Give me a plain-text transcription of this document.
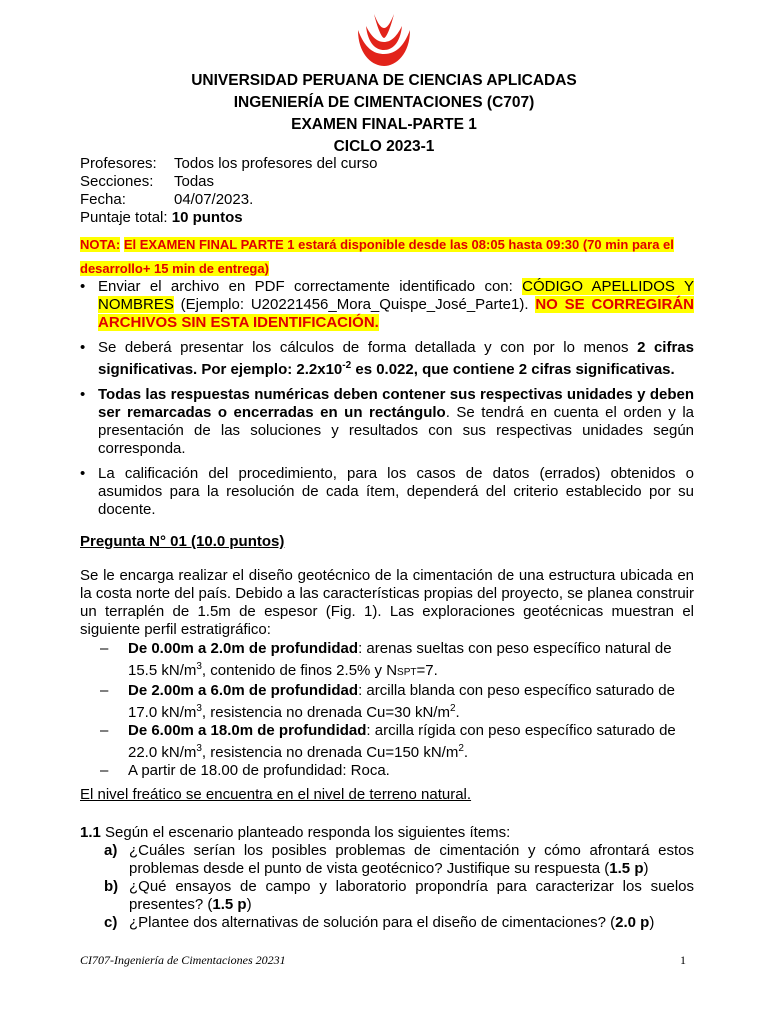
UNIVERSIDAD PERUANA DE CIENCIAS APLICADAS
INGENIERÍA DE CIMENTACIONES (C707)
EXAMEN FINAL-PARTE 1
CICLO 2023-1
Profesores:	Todos los profesores del curso
Secciones:	Todas
Fecha:	04/07/2023.
Puntaje total:
10 puntos
NOTA: El EXAMEN FINAL PARTE 1 estará disponible desde las 08:05 hasta 09:30 (70 min para el desarrollo+ 15 min de entrega)
• Enviar el archivo en PDF correctamente identificado con: CÓDIGO APELLIDOS Y NOMBRES (Ejemplo: U20221456_Mora_Quispe_José_Parte1). NO SE CORREGIRÁN ARCHIVOS SIN ESTA IDENTIFICACIÓN.
• Se deberá presentar los cálculos de forma detallada y con por lo menos 2 cifras significativas. Por ejemplo: $2.2x10^{-2}$ es 0.022, que contiene 2 cifras significativas.
• Todas las respuestas numéricas deben contener sus respectivas unidades y deben ser remarcadas o encerradas en un rectángulo. Se tendrá en cuenta el orden y la presentación de las soluciones y resultados con sus respectivas unidades según corresponda.
• La calificación del procedimiento, para los casos de datos (errados) obtenidos o asumidos para la resolución de cada ítem, dependerá del criterio establecido por su docente.
Pregunta N° 01 (10.0 puntos)
Se le encarga realizar el diseño geotécnico de la cimentación de una estructura ubicada en la costa norte del país. Debido a las características propias del proyecto, se planea construir un terraplén de 1.5m de espesor (Fig. 1). Las exploraciones geotécnicas muestran el siguiente perfil estratigráfico:
–	De 0.00m a 2.0m de profundidad: arenas sueltas con peso específico natural de 15.5 $kN/m^3$, contenido de finos 2.5% y NSPT=7.
–	De 2.00m a 6.0m de profundidad: arcilla blanda con peso específico saturado de 17.0 $kN/m^3$, resistencia no drenada Cu=30 $kN/m^2$.
–	De 6.00m a 18.0m de profundidad: arcilla rígida con peso específico saturado de 22.0 $kN/m^3$, resistencia no drenada Cu=150 $kN/m^2$.
–	A partir de 18.00 de profundidad: Roca.
El nivel freático se encuentra en el nivel de terreno natural.
1.1 Según el escenario planteado responda los siguientes ítems:
a) ¿Cuáles serían los posibles problemas de cimentación y cómo afrontará estos problemas desde el punto de vista geotécnico? Justifique su respuesta (1.5 p)
b) ¿Qué ensayos de campo y laboratorio propondría para caracterizar los suelos presentes? (1.5 p)
c) ¿Plantee dos alternativas de solución para el diseño de cimentaciones? (2.0 p)
CI707-Ingeniería de Cimentaciones 20231	1
